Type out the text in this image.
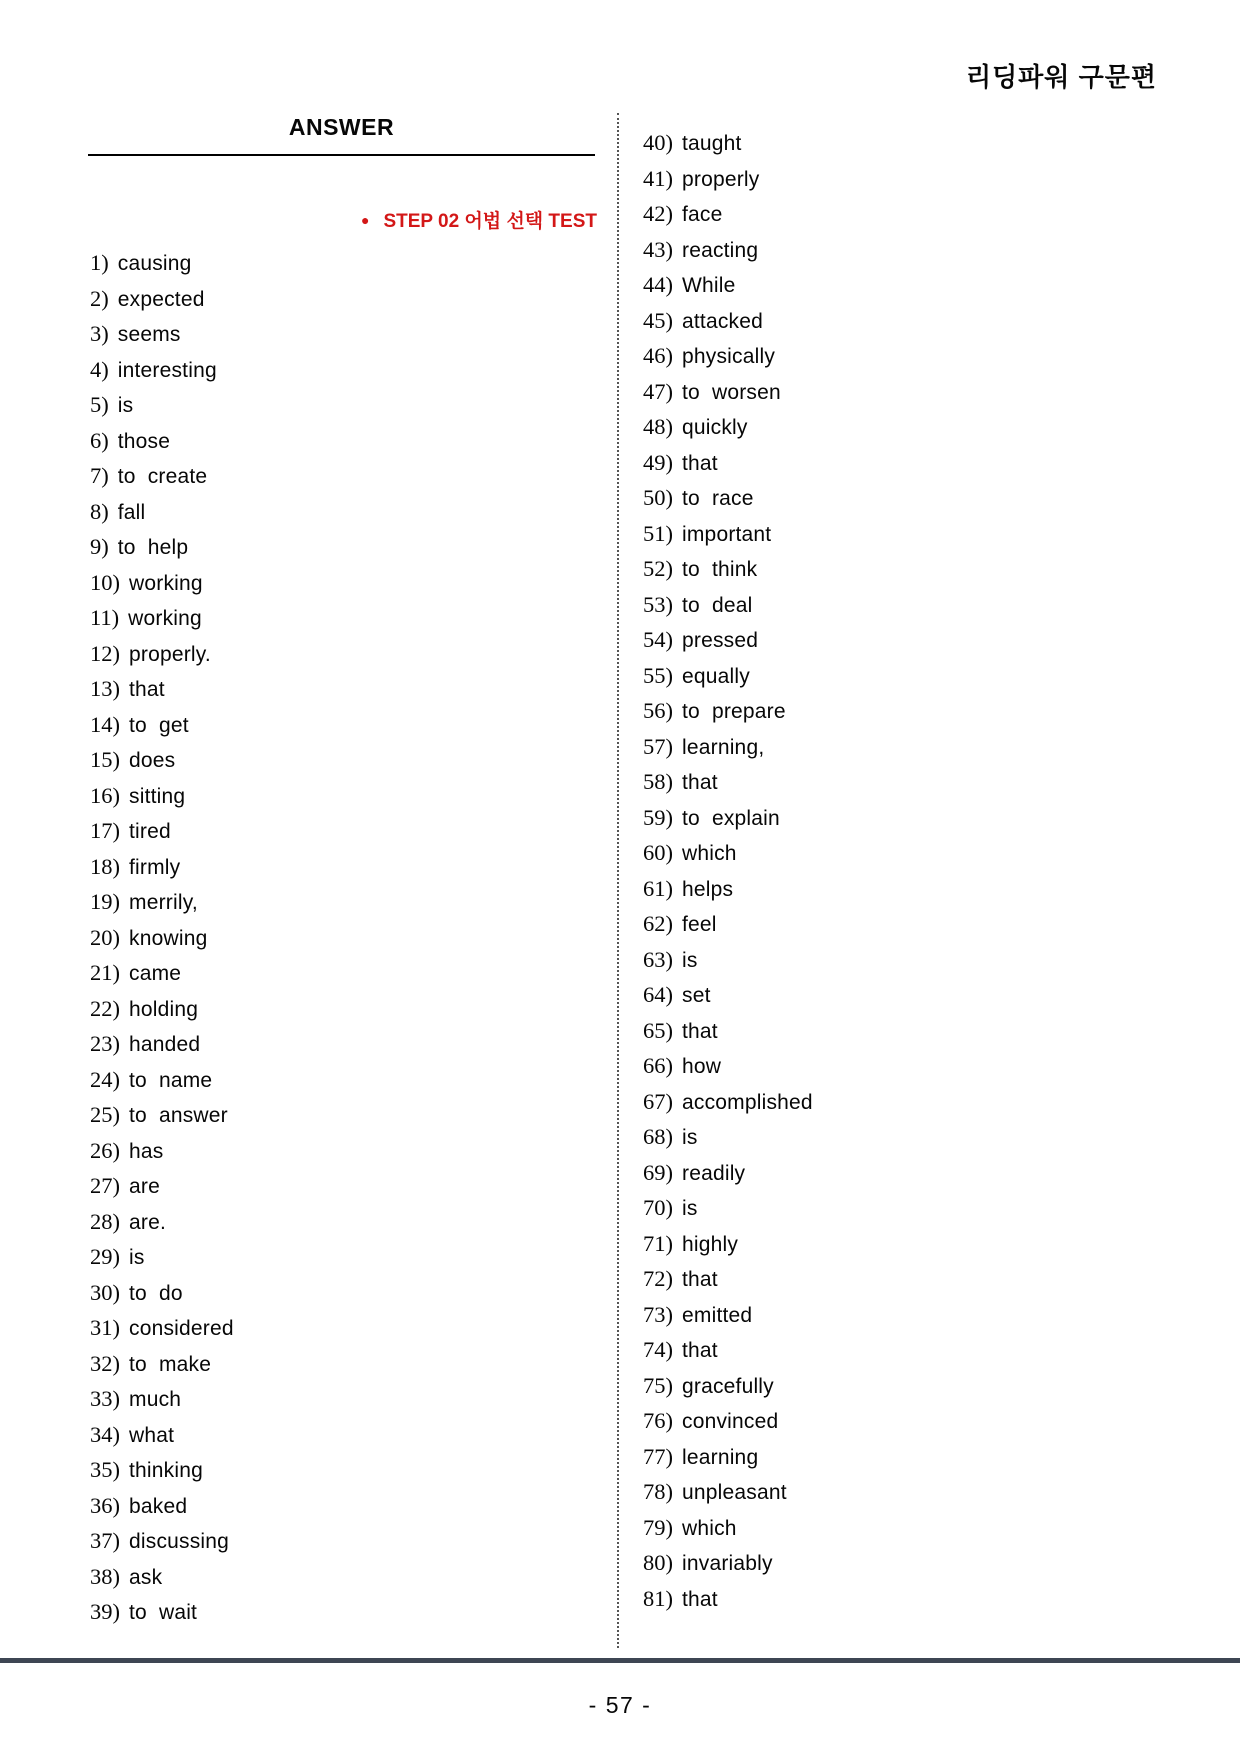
리딩파워 구문편
ANSWER
● STEP 02 어법 선택 TEST
1) causing
2) expected
3) seems
4) interesting
5) is
6) those
7) to create
8) fall
9) to help
10) working
11) working
12) properly.
13) that
14) to get
15) does
16) sitting
17) tired
18) firmly
19) merrily,
20) knowing
21) came
22) holding
23) handed
24) to name
25) to answer
26) has
27) are
28) are.
29) is
30) to do
31) considered
32) to make
33) much
34) what
35) thinking
36) baked
37) discussing
38) ask
39) to wait
40) taught
41) properly
42) face
43) reacting
44) While
45) attacked
46) physically
47) to worsen
48) quickly
49) that
50) to race
51) important
52) to think
53) to deal
54) pressed
55) equally
56) to prepare
57) learning,
58) that
59) to explain
60) which
61) helps
62) feel
63) is
64) set
65) that
66) how
67) accomplished
68) is
69) readily
70) is
71) highly
72) that
73) emitted
74) that
75) gracefully
76) convinced
77) learning
78) unpleasant
79) which
80) invariably
81) that
- 57 -
